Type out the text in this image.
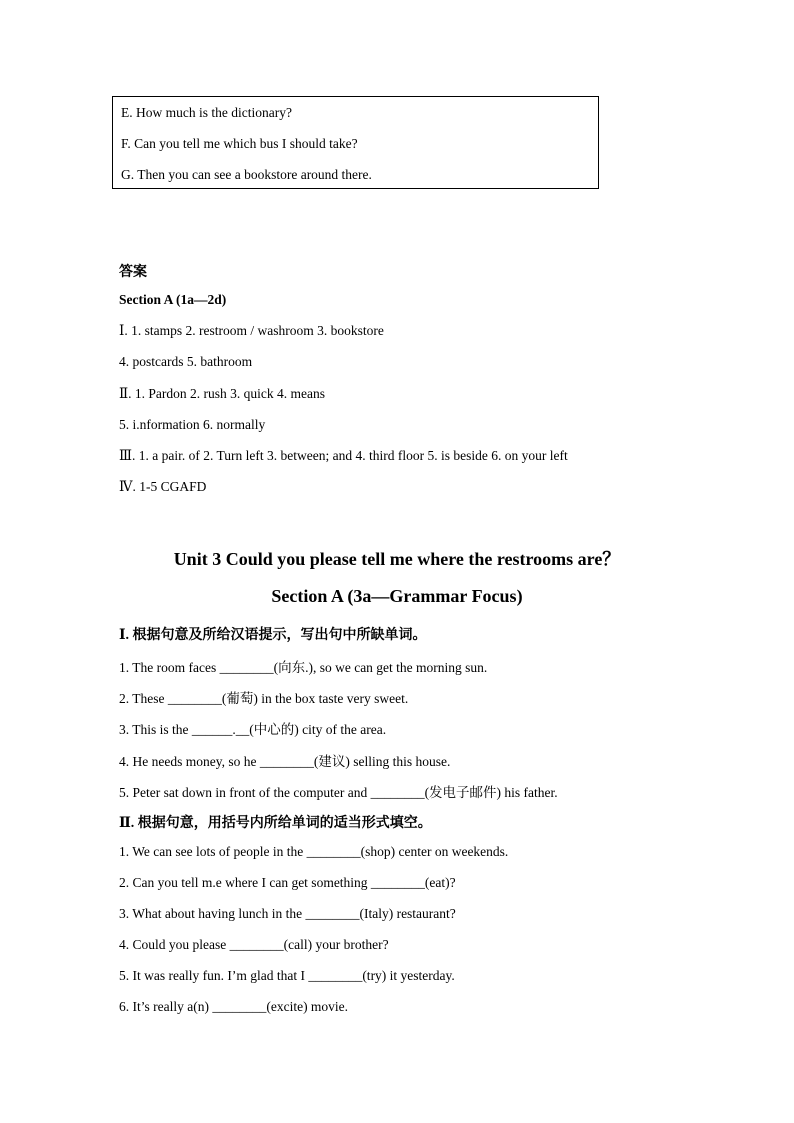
E. How much is the dictionary?
F. Can you tell me which bus I should take?
G. Then you can see a bookstore around there.
答案
Section A (1a—2d)
Ⅰ. 1. stamps 2. restroom / washroom 3. bookstore
4. postcards 5. bathroom
Ⅱ. 1. Pardon 2. rush 3. quick 4. means
5. i.nformation 6. normally
Ⅲ. 1. a pair. of 2. Turn left 3. between; and 4. third floor 5. is beside 6. on your left
Ⅳ. 1-5 CGAFD
Unit 3 Could you please tell me where the restrooms are？
Section A (3a—Grammar Focus)
Ⅰ. 根据句意及所给汉语提示，写出句中所缺单词。
1. The room faces ________(向东.), so we can get the morning sun.
2. These ________(葡萄) in the box taste very sweet.
3. This is the ______.__(中心的) city of the area.
4. He needs money, so he ________(建议) selling this house.
5. Peter sat down in front of the computer and ________(发电子邮件) his father.
Ⅱ. 根据句意，用括号内所给单词的适当形式填空。
1. We can see lots of people in the ________(shop) center on weekends.
2. Can you tell m.e where I can get something ________(eat)?
3. What about having lunch in the ________(Italy) restaurant?
4. Could you please ________(call) your brother?
5. It was really fun. I’m glad that I ________(try) it yesterday.
6. It’s really a(n) ________(excite) movie.
